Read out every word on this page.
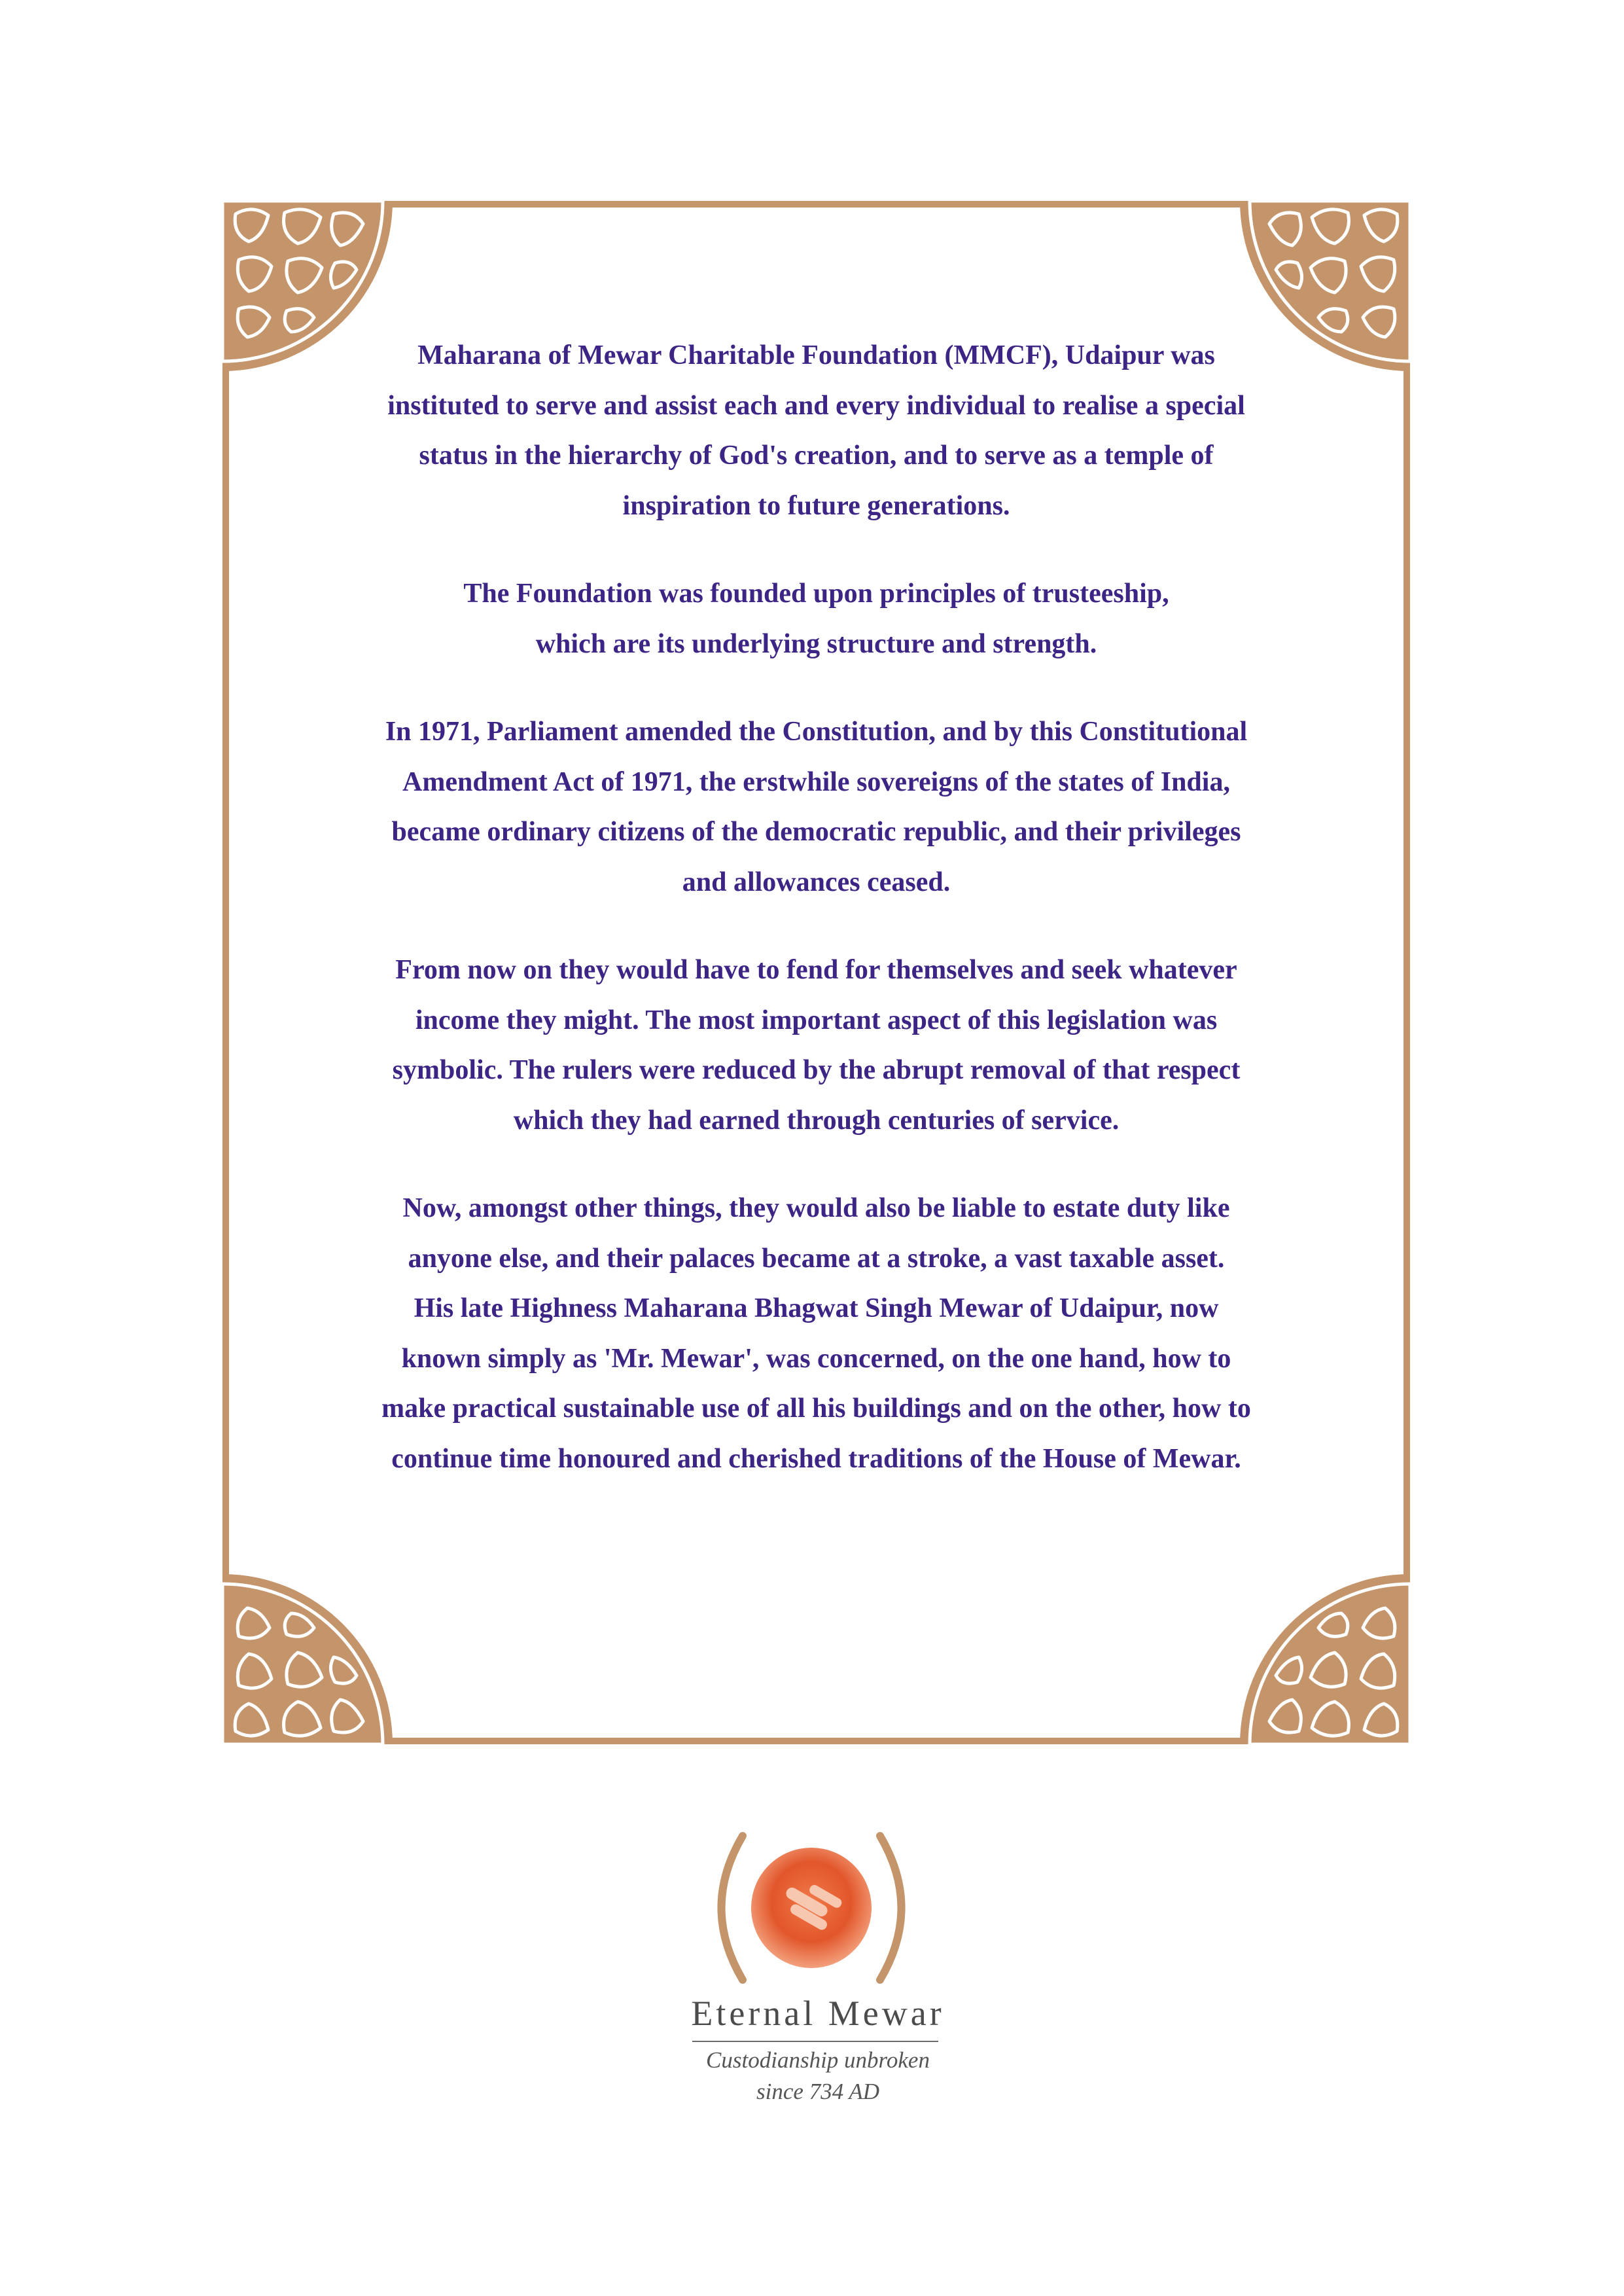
Maharana of Mewar Charitable Foundation (MMCF), Udaipur was
instituted to serve and assist each and every individual to realise a special
status in the hierarchy of God's creation, and to serve as a temple of
inspiration to future generations.

The Foundation was founded upon principles of trusteeship,
which are its underlying structure and strength.

In 1971, Parliament amended the Constitution, and by this Constitutional
Amendment Act of 1971, the erstwhile sovereigns of the states of India,
became ordinary citizens of the democratic republic, and their privileges
and allowances ceased.

From now on they would have to fend for themselves and seek whatever
income they might. The most important aspect of this legislation was
symbolic. The rulers were reduced by the abrupt removal of that respect
which they had earned through centuries of service.

Now, amongst other things, they would also be liable to estate duty like
anyone else, and their palaces became at a stroke, a vast taxable asset.
His late Highness Maharana Bhagwat Singh Mewar of Udaipur, now
known simply as 'Mr. Mewar', was concerned, on the one hand, how to
make practical sustainable use of all his buildings and on the other, how to
continue time honoured and cherished traditions of the House of Mewar.

Eternal Mewar
Custodianship unbroken
since 734 AD
